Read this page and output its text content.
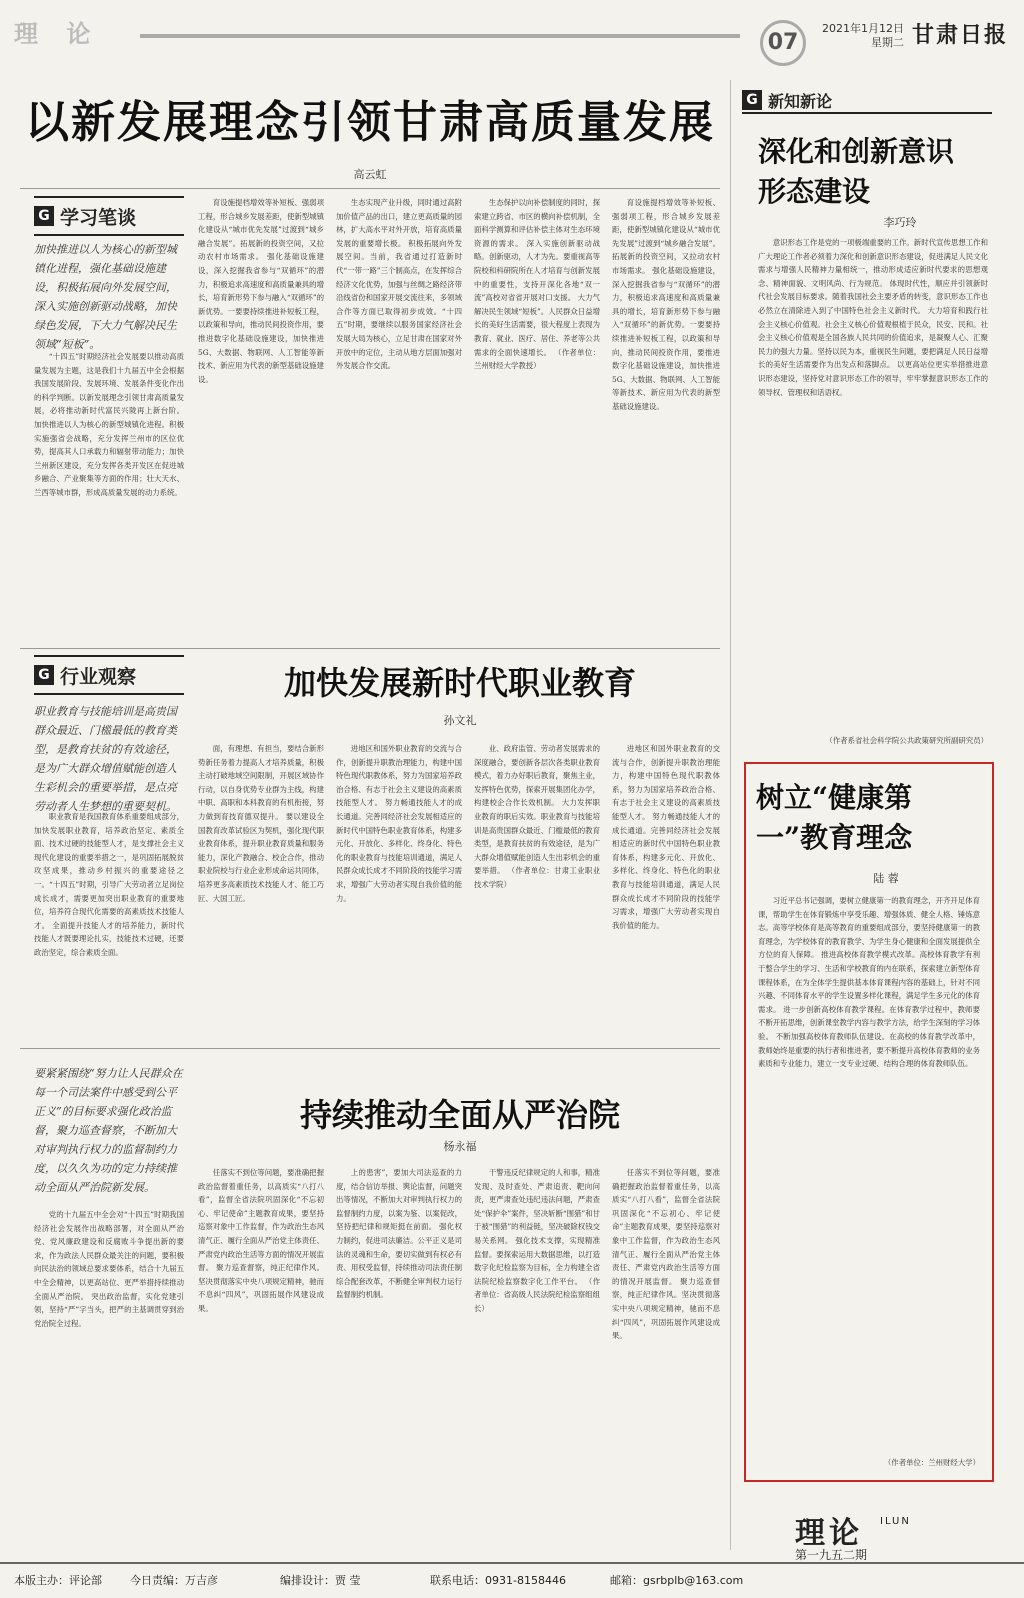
理 论	07
2021年1月12日
星期二 甘肃日报
以新发展理念引领甘肃高质量发展
高云虹
G 学习笔谈
加快推进以人为核心的新型城镇化进程，强化基础设施建设，积极拓展向外发展空间，深入实施创新驱动战略，加快绿色发展，下大力气解决民生领域“短板”。

“十四五”时期经济社会发展要以推动高质量发展为主题，这是我们十九届五中全会根据我国发展阶段、发展环境、发展条件变化作出的科学判断。以新发展理念引领甘肃高质量发展，必将推动新时代富民兴陇再上新台阶。 加快推进以人为核心的新型城镇化进程。积极实施强省会战略，充分发挥兰州市的区位优势，提高其人口承载力和辐射带动能力；加快兰州新区建设，充分发挥各类开发区在促进城乡融合、产业聚集等方面的作用；壮大天水、兰西等城市群，形成高质量发展的动力系统。

育设施提档增效等补短板、强弱项工程，形合城乡发展差距，使新型城镇化建设从“城市优先发展”过渡到“城乡融合发展”。拓展新的投资空间，又拉动农村市场需求。 强化基础设施建设，深入挖掘我省参与“双循环”的潜力，积极追求高速度和高质量兼具的增长，培育新形势下参与融入“双循环”的新优势。一要要持续推进补短板工程，以政策和导向，推动民间投资作用，要推进数字化基础设施建设，加快推进5G、大数据、物联网、人工智能等新技术、新应用为代表的新型基础设施建设。

生态实现产业升级，同时通过高附加价值产品的出口，建立更高质量的园林，扩大高水平对外开放，培育高质量发展的重要增长极。 积极拓展向外发展空间。当前，我省通过打造新时代“一带一路”三个制高点，在发挥综合经济文化优势，加强与丝绸之路经济带沿线省份和国家开展交流往来，多领域合作等方面已取得初步成效。“十四五”时期，要继续以服务国家经济社会发展大局为核心，立足甘肃在国家对外开放中的定位，主动从地方层面加强对外发展合作交流。

生态保护以向补偿制度的同时，探索建立跨省、市区的横向补偿机制，全面科学测算和评估补偿主体对生态环境资源的需求。 深入实施创新驱动战略。创新驱动，人才为先。要重视高等院校和科研院所在人才培育与创新发展中的重要性，支持开深化各地“双一流”高校对省省开展对口支援。 大力气解决民生领域“短板”。人民群众日益增长的美好生活需要，很大程度上表现为教育、就业、医疗、居住、养老等公共需求的全面快速增长。 （作者单位：兰州财经大学教授）

育设施提档增效等补短板、强弱项工程，形合城乡发展差距，使新型城镇化建设从“城市优先发展”过渡到“城乡融合发展”。拓展新的投资空间，又拉动农村市场需求。 强化基础设施建设，深入挖掘我省参与“双循环”的潜力，积极追求高速度和高质量兼具的增长，培育新形势下参与融入“双循环”的新优势。一要要持续推进补短板工程，以政策和导向，推动民间投资作用，要推进数字化基础设施建设，加快推进5G、大数据、物联网、人工智能等新技术、新应用为代表的新型基础设施建设。

G 行业观察	加快发展新时代职业教育
孙文礼
职业教育与技能培训是高贵国群众最近、门槛最低的教育类型，是教育扶贫的有效途径，是为广大群众增值赋能创造人生彩机会的重要举措，是点亮劳动者人生梦想的重要契机。

职业教育是我国教育体系重要组成部分，加快发展职业教育，培养政治坚定、素质全面、技术过硬的技能型人才，是支撑社会主义现代化建设的重要举措之一，是巩固拓展脱贫攻坚成果，推动乡村振兴的重要途径之一。“十四五”时期，引导广大劳动者立足岗位成长成才，需要更加突出职业教育的重要地位，培养符合现代化需要的高素质技术技能人才。 全面提升技能人才的培养能力，新时代技能人才既要理论扎实，技能技术过硬，还要政治坚定，综合素质全面。

面，有理想、有担当，要结合新形势新任务着力提高人才培养质量，积极主动打破地域空间限制，开展区域协作行动，以自身优势专业群为主线，构建中职、高职和本科教育的有机衔接，努力做到育技育德双提升。 要以建设全国教育改革试验区为契机，强化现代职业教育体系，提升职业教育质量和服务能力，深化产教融合、校企合作，推动职业院校与行业企业形成命运共同体，培养更多高素质技术技能人才、能工巧匠、大国工匠。

进地区和国外职业教育的交流与合作，创新提升职教治理能力，构建中国特色现代职教体系，努力为国家培养政治合格、有志于社会主义建设的高素质技能型人才。 努力畅通技能人才的成长通道。完善同经济社会发展相适应的新时代中国特色职业教育体系，构建多元化、开放化、多样化、终身化、特色化的职业教育与技能培训通道，满足人民群众成长成才不同阶段的技能学习需求，增强广大劳动者实现自我价值的能力。

业、政府监管、劳动者发展需求的深度融合，要创新各层次各类职业教育模式，着力办好职后教育，聚焦主业，发挥特色优势，探索开展集团化办学，构建校企合作长效机制。 大力发挥职业教育的职后实效。职业教育与技能培训是高贵国群众最近、门槛最低的教育类型，是教育扶贫的有效途径，是为广大群众增值赋能创造人生出彩机会的重要举措。 （作者单位：甘肃工业职业技术学院）

进地区和国外职业教育的交流与合作，创新提升职教治理能力，构建中国特色现代职教体系，努力为国家培养政治合格、有志于社会主义建设的高素质技能型人才。 努力畅通技能人才的成长通道。完善同经济社会发展相适应的新时代中国特色职业教育体系，构建多元化、开放化、多样化、终身化、特色化的职业教育与技能培训通道，满足人民群众成长成才不同阶段的技能学习需求，增强广大劳动者实现自我价值的能力。

持续推动全面从严治院
杨永福
要紧紧围绕“努力让人民群众在每一个司法案件中感受到公平正义”的目标要求强化政治监督，聚力巡查督察，不断加大对审判执行权力的监督制约力度，以久久为功的定力持续推动全面从严治院新发展。

党的十九届五中全会对“十四五”时期我国经济社会发展作出战略部署，对全面从严治党、党风廉政建设和反腐败斗争提出新的要求，作为政法人民群众最关注的问题，要积极向民法治的领域总要求要体系，结合十九届五中全会精神，以更高站位、更严举措持续推动全面从严治院。 突出政治监督，实化党建引领，坚持“严”字当头，把严的主基调贯穿到治党治院全过程。

任落实不到位等问题，要准确把握政治监督着重任务，以高质实“八打八看”，监督全省法院巩固深化“不忘初心、牢记使命”主题教育成果，要坚持巡察对象中工作监督，作为政治生态风清气正、履行全面从严治党主体责任、严肃党内政治生活等方面的情况开展监督。 聚力巡查督察，纯正纪律作风。坚决贯彻落实中央八项规定精神，驰而不息纠“四风”，巩固拓展作风建设成果。

上的患害”，要加大司法巡查的力度，结合信访举报、舆论监督，问题突出等情况，不断加大对审判执行权力的监督制约力度，以案为鉴、以案促改，坚持把纪律和规矩挺在前面。 强化权力制约，促进司法廉洁。公平正义是司法的灵魂和生命，要切实做到有权必有责、用权受监督，持续推动司法责任制综合配套改革，不断健全审判权力运行监督制约机制。

干警违反纪律规定的人和事，精准发现、及时查处、严肃追责、靶向问责，更严肃查处违纪违法问题，严肃查处“保护伞”案件，坚决斩断“围猎”和甘于被“围猎”的利益链，坚决破除权钱交易关系网。 强化技术支撑，实现精准监督。要探索运用大数据思维，以打造数字化纪检监察为目标，全力构建全省法院纪检监察数字化工作平台。 （作者单位：省高级人民法院纪检监察组组长）

任落实不到位等问题，要准确把握政治监督着重任务，以高质实“八打八看”，监督全省法院巩固深化“不忘初心、牢记使命”主题教育成果，要坚持巡察对象中工作监督，作为政治生态风清气正、履行全面从严治党主体责任、严肃党内政治生活等方面的情况开展监督。 聚力巡查督察，纯正纪律作风。坚决贯彻落实中央八项规定精神，驰而不息纠“四风”，巩固拓展作风建设成果。

G 新知新论
深化和创新意识形态建设
李巧玲

意识形态工作是党的一项极端重要的工作。新时代宣传思想工作和广大理论工作者必须着力深化和创新意识形态建设，促进满足人民文化需求与增强人民精神力量相统一，推动形成适应新时代要求的思想观念、精神面貌、文明风尚、行为规范。 体现时代性，顺应并引领新时代社会发展目标要求。随着我国社会主要矛盾的转变，意识形态工作也必然立在清除进入到了中国特色社会主义新时代。 大力培育和践行社会主义核心价值观。社会主义核心价值观根植于民众，民安、民和。社会主义核心价值观是全国各族人民共同的价值追求，是凝聚人心、汇聚民力的强大力量。坚持以民为本，重视民生问题，要把满足人民日益增长的美好生活需要作为出发点和落脚点。 以更高站位更实举措推进意识形态建设，坚持党对意识形态工作的领导，牢牢掌握意识形态工作的领导权、管理权和话语权。

（作者系省社会科学院公共政策研究所副研究员）
树立“健康第一”教育理念
陆 蓉

习近平总书记强调，要树立健康第一的教育理念，开齐开足体育课，帮助学生在体育锻炼中享受乐趣、增强体质、健全人格、锤炼意志。高等学校体育是高等教育的重要组成部分，要坚持健康第一的教育理念，为学校体育的教育教学、为学生身心健康和全面发展提供全方位的育人保障。 推进高校体育教学模式改革。高校体育教学有利于整合学生的学习、生活和学校教育的内在联系，探索建立新型体育课程体系，在为全体学生提供基本体育课程内容的基础上，针对不同兴趣、不同体育水平的学生设置多样化课程，满足学生多元化的体育需求。 进一步创新高校体育教学课程。在体育教学过程中，教师要不断开拓思维，创新课堂教学内容与教学方法，给学生深刻的学习体验。 不断加强高校体育教师队伍建设。在高校的体育教学改革中，教师始终是重要的执行者和推进者，要不断提升高校体育教师的业务素质和专业能力，建立一支专业过硬、结构合理的体育教师队伍。

（作者单位：兰州财经大学）
理论 ILUN
第一九五二期
本版主办：评论部	今日责编：万吉彦	编排设计：贾 莹	联系电话：0931-8158446	邮箱：gsrbplb@163.com
